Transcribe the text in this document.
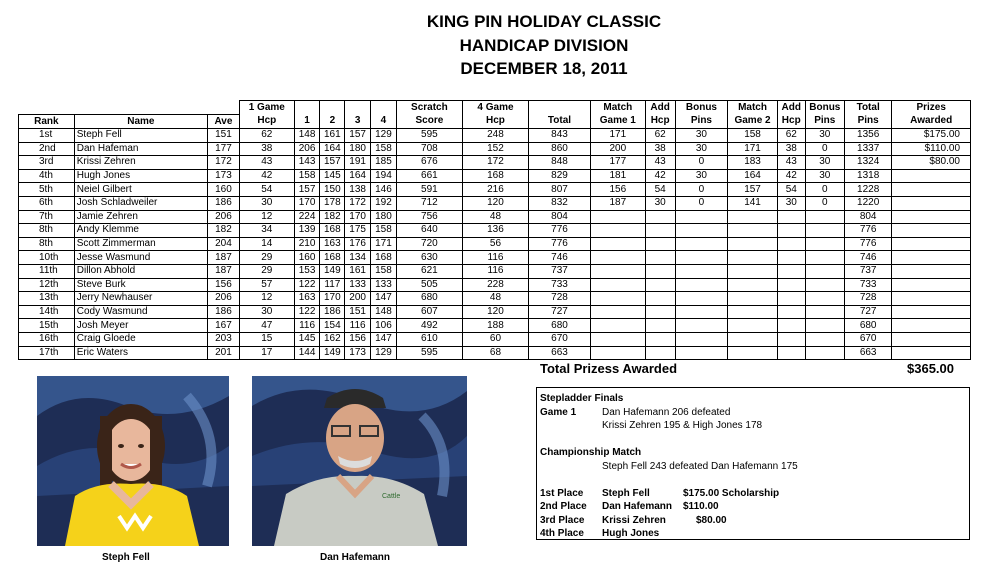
KING PIN HOLIDAY CLASSIC
HANDICAP DIVISION
DECEMBER 18, 2011
			1 Game					Scratch	4 Game		Match	Add	Bonus	Match	Add	Bonus	Total	Prizes
Rank	Name	Ave	Hcp	1	2	3	4	Score	Hcp	Total	Game 1	Hcp	Pins	Game 2	Hcp	Pins	Pins	Awarded
1st	Steph Fell	151	62	148	161	157	129	595	248	843	171	62	30	158	62	30	1356	$175.00
2nd	Dan Hafeman	177	38	206	164	180	158	708	152	860	200	38	30	171	38	0	1337	$110.00
3rd	Krissi Zehren	172	43	143	157	191	185	676	172	848	177	43	0	183	43	30	1324	$80.00
4th	Hugh Jones	173	42	158	145	164	194	661	168	829	181	42	30	164	42	30	1318	
5th	Neiel Gilbert	160	54	157	150	138	146	591	216	807	156	54	0	157	54	0	1228	
6th	Josh Schladweiler	186	30	170	178	172	192	712	120	832	187	30	0	141	30	0	1220	
7th	Jamie Zehren	206	12	224	182	170	180	756	48	804							804	
8th	Andy Klemme	182	34	139	168	175	158	640	136	776							776	
8th	Scott Zimmerman	204	14	210	163	176	171	720	56	776							776	
10th	Jesse Wasmund	187	29	160	168	134	168	630	116	746							746	
11th	Dillon Abhold	187	29	153	149	161	158	621	116	737							737	
12th	Steve Burk	156	57	122	117	133	133	505	228	733							733	
13th	Jerry Newhauser	206	12	163	170	200	147	680	48	728							728	
14th	Cody Wasmund	186	30	122	186	151	148	607	120	727							727	
15th	Josh Meyer	167	47	116	154	116	106	492	188	680							680	
16th	Craig Gloede	203	15	145	162	156	147	610	60	670							670	
17th	Eric Waters	201	17	144	149	173	129	595	68	663							663	
Total Prizess Awarded	$365.00
Steph Fell
Cattle
Dan Hafemann
Stepladder Finals
Game 1	Dan Hafemann 206 defeated
Krissi Zehren 195 & High Jones 178
Championship Match
Steph Fell 243 defeated Dan Hafemann 175
1st Place Steph Fell	$175.00 Scholarship
2nd Place Dan Hafemann $110.00
3rd Place Krissi Zehren	$80.00
4th Place Hugh Jones
